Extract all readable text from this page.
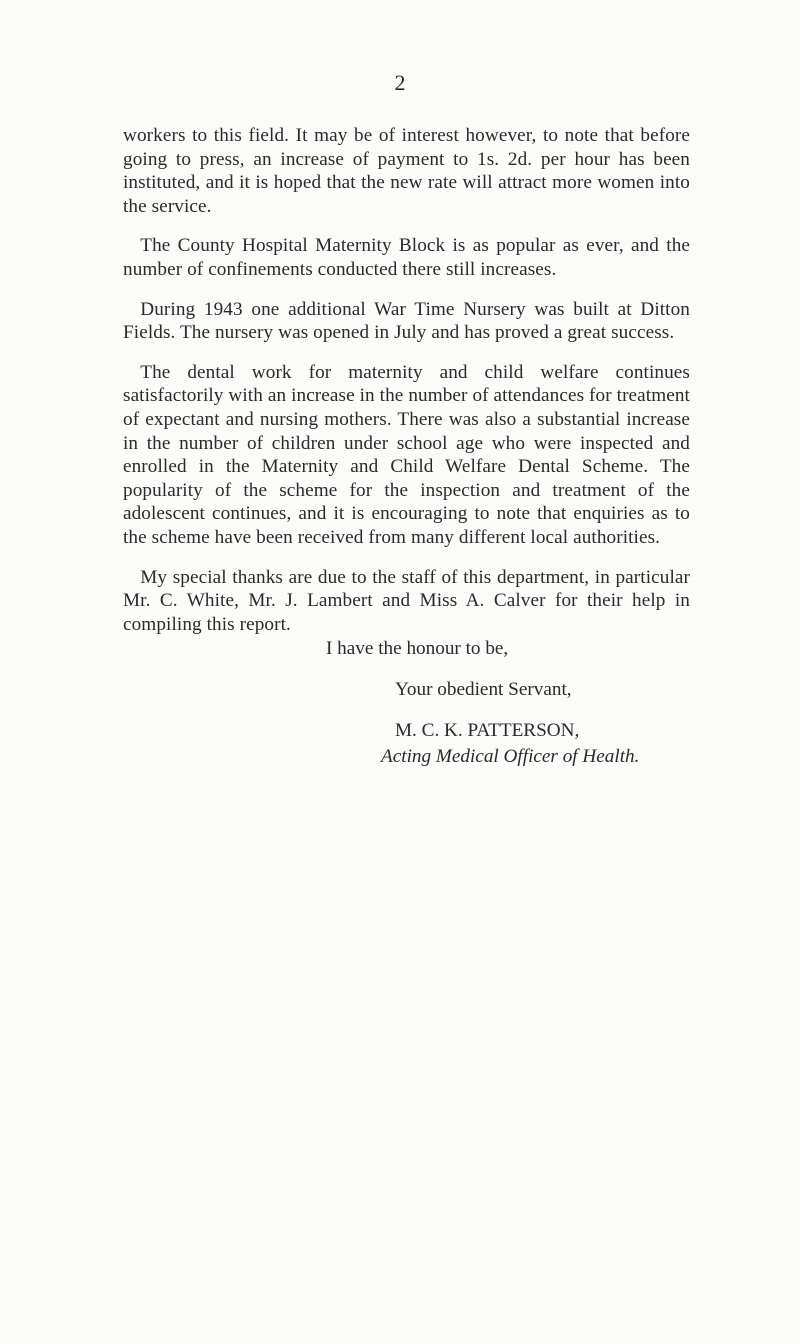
2

workers to this field. It may be of interest however, to note that before going to press, an increase of payment to 1s. 2d. per hour has been instituted, and it is hoped that the new rate will attract more women into the service.

The County Hospital Maternity Block is as popular as ever, and the number of confinements conducted there still increases.

During 1943 one additional War Time Nursery was built at Ditton Fields. The nursery was opened in July and has proved a great success.

The dental work for maternity and child welfare continues satisfactorily with an increase in the number of attendances for treatment of expectant and nursing mothers. There was also a substantial increase in the number of children under school age who were inspected and enrolled in the Maternity and Child Welfare Dental Scheme. The popularity of the scheme for the inspection and treatment of the adolescent continues, and it is encouraging to note that enquiries as to the scheme have been received from many different local authorities.

My special thanks are due to the staff of this department, in particular Mr. C. White, Mr. J. Lambert and Miss A. Calver for their help in compiling this report.

I have the honour to be,
Your obedient Servant,
M. C. K. PATTERSON,
Acting Medical Officer of Health.
